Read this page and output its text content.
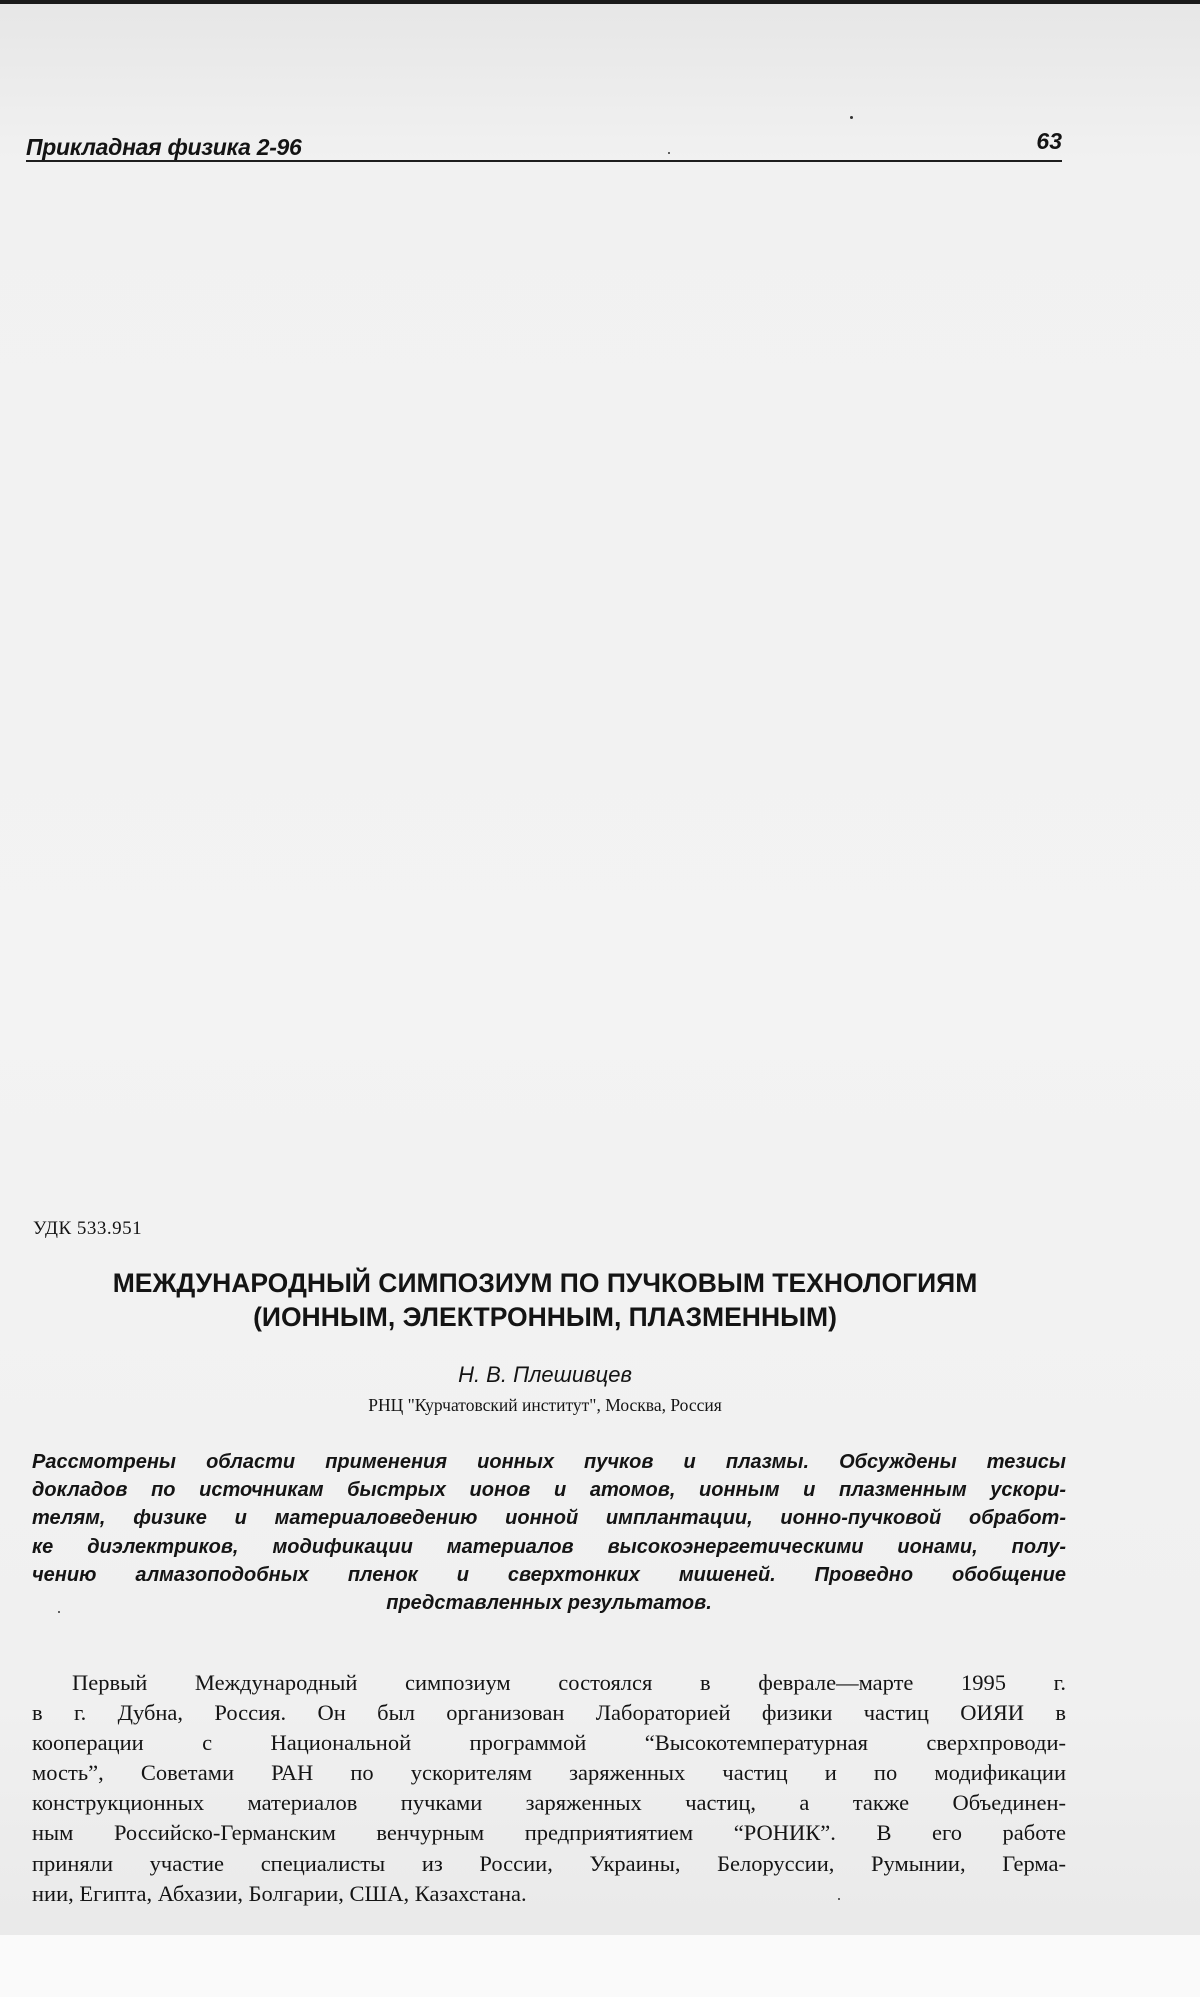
Прикладная физика 2-96	63
УДК 533.951
МЕЖДУНАРОДНЫЙ СИМПОЗИУМ ПО ПУЧКОВЫМ ТЕХНОЛОГИЯМ
(ИОННЫМ, ЭЛЕКТРОННЫМ, ПЛАЗМЕННЫМ)
Н. В. Плешивцев
РНЦ "Курчатовский институт", Москва, Россия
Рассмотрены области применения ионных пучков и плазмы. Обсуждены тезисы
докладов по источникам быстрых ионов и атомов, ионным и плазменным ускори-
телям, физике и материаловедению ионной имплантации, ионно-пучковой обработ-
ке диэлектриков, модификации материалов высокоэнергетическими ионами, полу-
чению алмазоподобных пленок и сверхтонких мишеней. Проведно обобщение
представленных результатов.
Первый Международный симпозиум состоялся в феврале—марте 1995 г.
в г. Дубна, Россия. Он был организован Лабораторией физики частиц ОИЯИ в
кооперации с Национальной программой “Высокотемпературная сверхпроводи-
мость”, Советами РАН по ускорителям заряженных частиц и по модификации
конструкционных материалов пучками заряженных частиц, а также Объединен-
ным Российско-Германским венчурным предприятиятием “РОНИК”. В его работе
приняли участие специалисты из России, Украины, Белоруссии, Румынии, Герма-
нии, Египта, Абхазии, Болгарии, США, Казахстана.
